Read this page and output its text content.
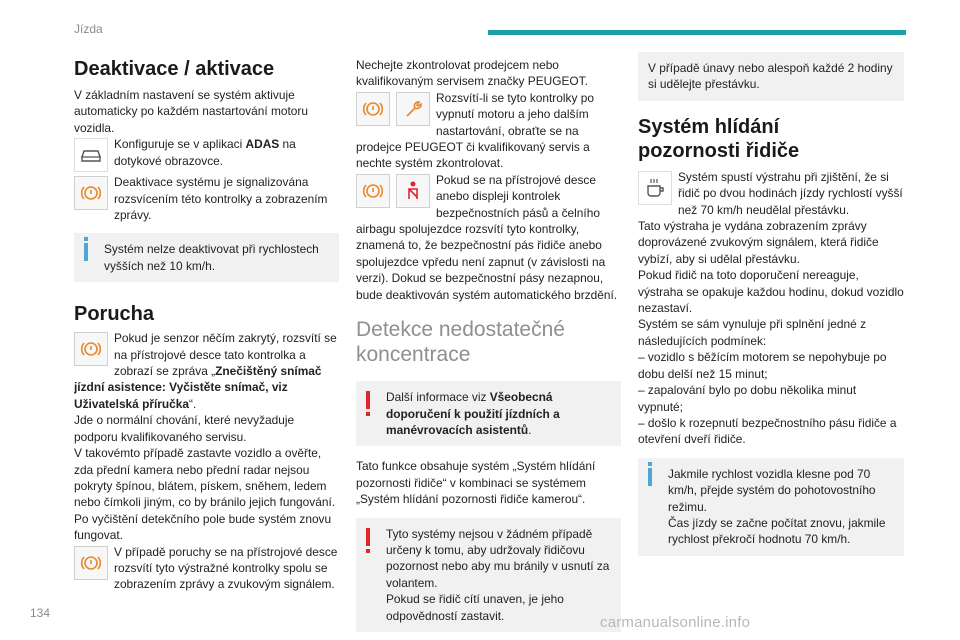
Jízda
Deaktivace / aktivace

V základním nastavení se systém aktivuje automaticky po každém nastartování motoru vozidla.

Konfiguruje se v aplikaci ADAS na dotykové obrazovce.

Deaktivace systému je signalizována rozsvícením této kontrolky a zobrazením zprávy.

Systém nelze deaktivovat při rychlostech vyšších než 10 km/h.

Porucha

Pokud je senzor něčím zakrytý, rozsvítí se na přístrojové desce tato kontrolka a zobrazí se zpráva „Znečištěný snímač jízdní asistence: Vyčistěte snímač, viz Uživatelská příručka“.

Jde o normální chování, které nevyžaduje podporu kvalifikovaného servisu.

V takovémto případě zastavte vozidlo a ověřte, zda přední kamera nebo přední radar nejsou pokryty špínou, blátem, pískem, sněhem, ledem nebo čímkoli jiným, co by bránilo jejich fungování.

Po vyčištění detekčního pole bude systém znovu fungovat.

V případě poruchy se na přístrojové desce rozsvítí tyto výstražné kontrolky spolu se zobrazením zprávy a zvukovým signálem.

Nechejte zkontrolovat prodejcem nebo kvalifikovaným servisem značky PEUGEOT.

Rozsvítí-li se tyto kontrolky po vypnutí motoru a jeho dalším nastartování, obraťte se na prodejce PEUGEOT či kvalifikovaný servis a nechte systém zkontrolovat.

Pokud se na přístrojové desce anebo displeji kontrolek bezpečnostních pásů a čelního airbagu spolujezdce rozsvítí tyto kontrolky, znamená to, že bezpečnostní pás řidiče anebo spolujezdce vpředu není zapnut (v závislosti na verzi). Dokud se bezpečnostní pásy nezapnou, bude deaktivován systém automatického brzdění.

Detekce nedostatečné koncentrace

Další informace viz Všeobecná doporučení k použití jízdních a manévrovacích asistentů.

Tato funkce obsahuje systém „Systém hlídání pozornosti řidiče“ v kombinaci se systémem „Systém hlídání pozornosti řidiče kamerou“.

Tyto systémy nejsou v žádném případě určeny k tomu, aby udržovaly řidičovu pozornost nebo aby mu bránily v usnutí za volantem.

Pokud se řidič cítí unaven, je jeho odpovědností zastavit.

V případě únavy nebo alespoň každé 2 hodiny si udělejte přestávku.

Systém hlídání pozornosti řidiče

Systém spustí výstrahu při zjištění, že si řidič po dvou hodinách jízdy rychlostí vyšší než 70 km/h neudělal přestávku.

Tato výstraha je vydána zobrazením zprávy doprovázené zvukovým signálem, která řidiče vybízí, aby si udělal přestávku.

Pokud řidič na toto doporučení nereaguje, výstraha se opakuje každou hodinu, dokud vozidlo nezastaví.

Systém se sám vynuluje při splnění jedné z následujících podmínek:

– vozidlo s běžícím motorem se nepohybuje po dobu delší než 15 minut;

– zapalování bylo po dobu několika minut vypnuté;

– došlo k rozepnutí bezpečnostního pásu řidiče a otevření dveří řidiče.

Jakmile rychlost vozidla klesne pod 70 km/h, přejde systém do pohotovostního režimu.

Čas jízdy se začne počítat znovu, jakmile rychlost překročí hodnotu 70 km/h.

134
carmanualsonline.info
